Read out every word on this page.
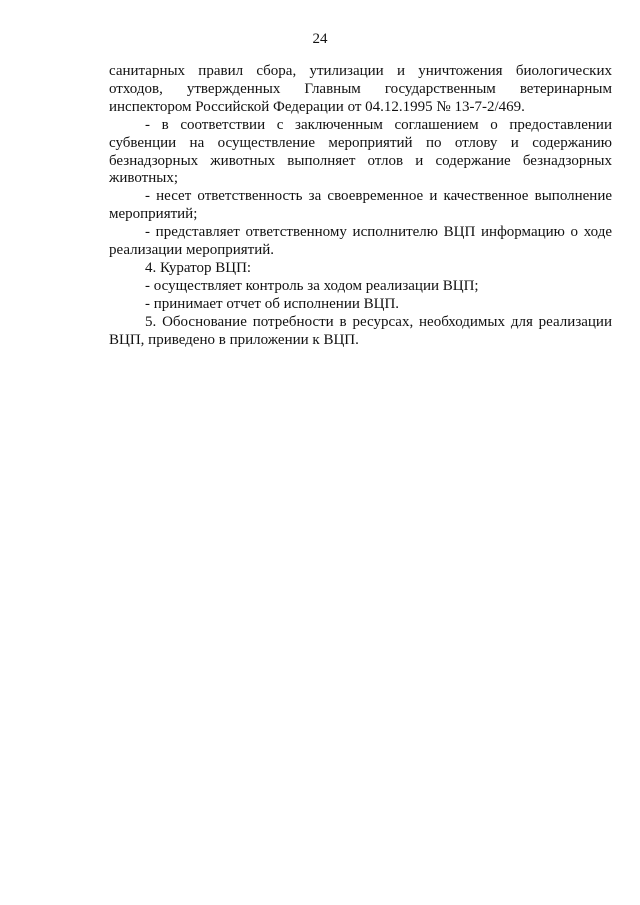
24

санитарных правил сбора, утилизации и уничтожения биологических отходов, утвержденных Главным государственным ветеринарным инспектором Российской Федерации от 04.12.1995 № 13-7-2/469.

- в соответствии с заключенным соглашением о предоставлении субвенции на осуществление мероприятий по отлову и содержанию безнадзорных животных выполняет отлов и содержание безнадзорных животных;

- несет ответственность за своевременное и качественное выполнение мероприятий;

- представляет ответственному исполнителю ВЦП информацию о ходе реализации мероприятий.

4. Куратор ВЦП:

- осуществляет контроль за ходом реализации ВЦП;

- принимает отчет об исполнении ВЦП.

5. Обоснование потребности в ресурсах, необходимых для реализации ВЦП, приведено в приложении к ВЦП.
